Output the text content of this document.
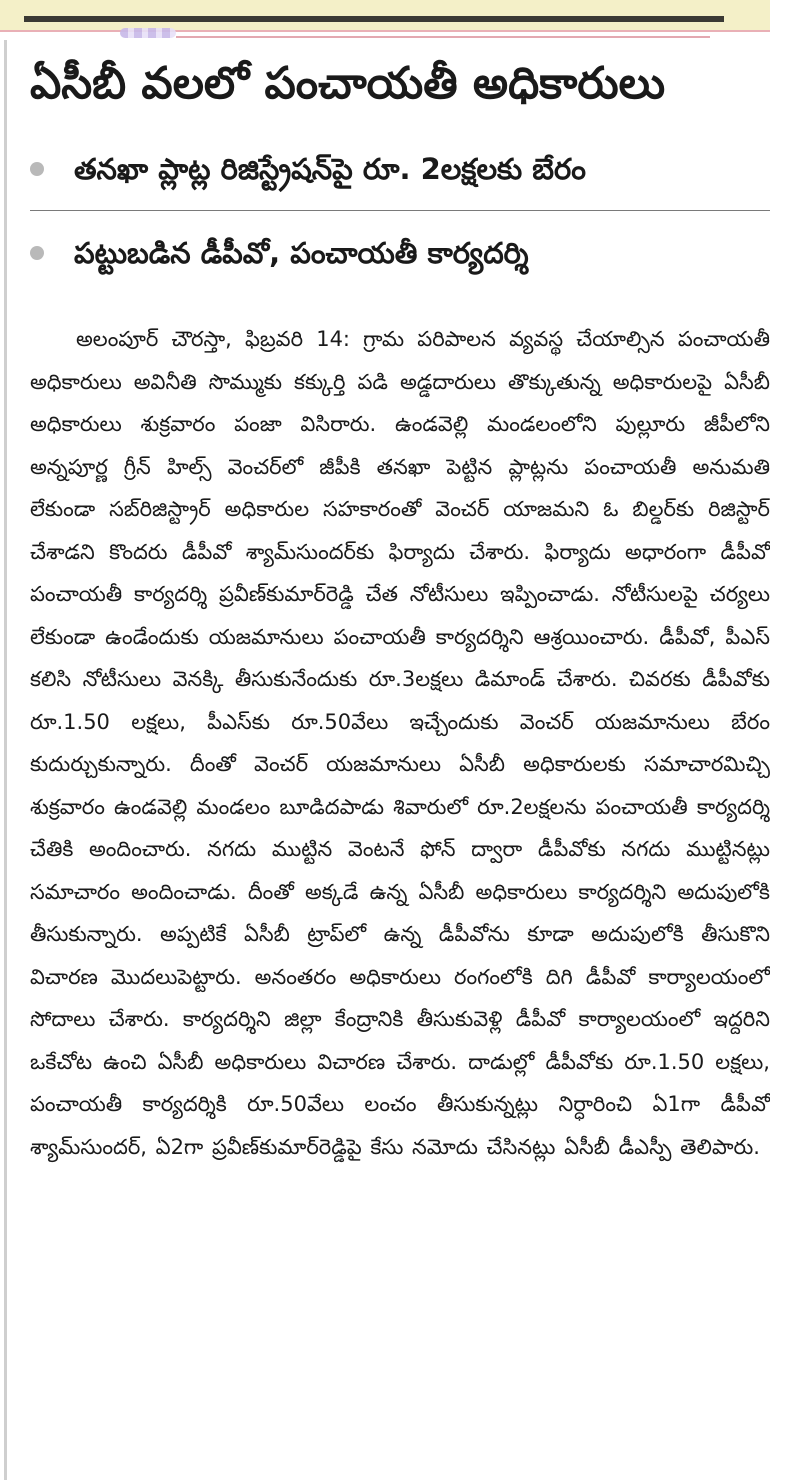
ఏసీబీ వలలో పంచాయతీ అధికారులు
తనఖా ప్లాట్ల రిజిస్ట్రేషన్‌పై రూ. 2లక్షలకు బేరం
పట్టుబడిన డీపీవో, పంచాయతీ కార్యదర్శి

అలంపూర్ చౌరస్తా, ఫిబ్రవరి 14: గ్రామ పరిపాలన వ్యవస్థ చేయాల్సిన పంచాయతీ అధికారులు అవినీతి సొమ్ముకు కక్కుర్తి పడి అడ్డదారులు తొక్కుతున్న అధికారులపై ఏసీబీ అధికారులు శుక్రవారం పంజా విసిరారు. ఉండవెల్లి మండలంలోని పుల్లూరు జీపీలోని అన్నపూర్ణ గ్రీన్ హిల్స్ వెంచర్‌లో జీపీకి తనఖా పెట్టిన ప్లాట్లను పంచాయతీ అనుమతి లేకుండా సబ్‌రిజిస్ట్రార్ అధికారుల సహకారంతో వెంచర్ యాజమని ఓ బిల్డర్‌కు రిజిస్టార్ చేశాడని కొందరు డీపీవో శ్యామ్‌సుందర్‌కు ఫిర్యాదు చేశారు. ఫిర్యాదు అధారంగా డీపీవో పంచాయతీ కార్యదర్శి ప్రవీణ్‌కుమార్‌రెడ్డి చేత నోటీసులు ఇప్పించాడు. నోటీసులపై చర్యలు లేకుండా ఉండేందుకు యజమానులు పంచాయతీ కార్యదర్శిని ఆశ్రయించారు. డీపీవో, పీఎస్ కలిసి నోటీసులు వెనక్కి తీసుకునేందుకు రూ.3లక్షలు డిమాండ్ చేశారు. చివరకు డీపీవోకు రూ.1.50 లక్షలు, పీఎస్‌కు రూ.50వేలు ఇచ్చేందుకు వెంచర్ యజమానులు బేరం కుదుర్చుకున్నారు. దీంతో వెంచర్ యజమానులు ఏసీబీ అధికారులకు సమాచారమిచ్చి శుక్రవారం ఉండవెల్లి మండలం బూడిదపాడు శివారులో రూ.2లక్షలను పంచాయతీ కార్యదర్శి చేతికి అందించారు. నగదు ముట్టిన వెంటనే ఫోన్ ద్వారా డీపీవోకు నగదు ముట్టినట్లు సమాచారం అందించాడు. దీంతో అక్కడే ఉన్న ఏసీబీ అధికారులు కార్యదర్శిని అదుపులోకి తీసుకున్నారు. అప్పటికే ఏసీబీ ట్రాప్‌లో ఉన్న డీపీవోను కూడా అదుపులోకి తీసుకొని విచారణ మొదలుపెట్టారు. అనంతరం అధికారులు రంగంలోకి దిగి డీపీవో కార్యాలయంలో సోదాలు చేశారు. కార్యదర్శిని జిల్లా కేంద్రానికి తీసుకువెళ్లి డీపీవో కార్యాలయంలో ఇద్దరిని ఒకేచోట ఉంచి ఏసీబీ అధికారులు విచారణ చేశారు. దాడుల్లో డీపీవోకు రూ.1.50 లక్షలు, పంచాయతీ కార్యదర్శికి రూ.50వేలు లంచం తీసుకున్నట్లు నిర్ధారించి ఏ1గా డీపీవో శ్యామ్‌సుందర్, ఏ2గా ప్రవీణ్‌కుమార్‌రెడ్డిపై కేసు నమోదు చేసినట్లు ఏసీబీ డీఎస్పీ తెలిపారు.
